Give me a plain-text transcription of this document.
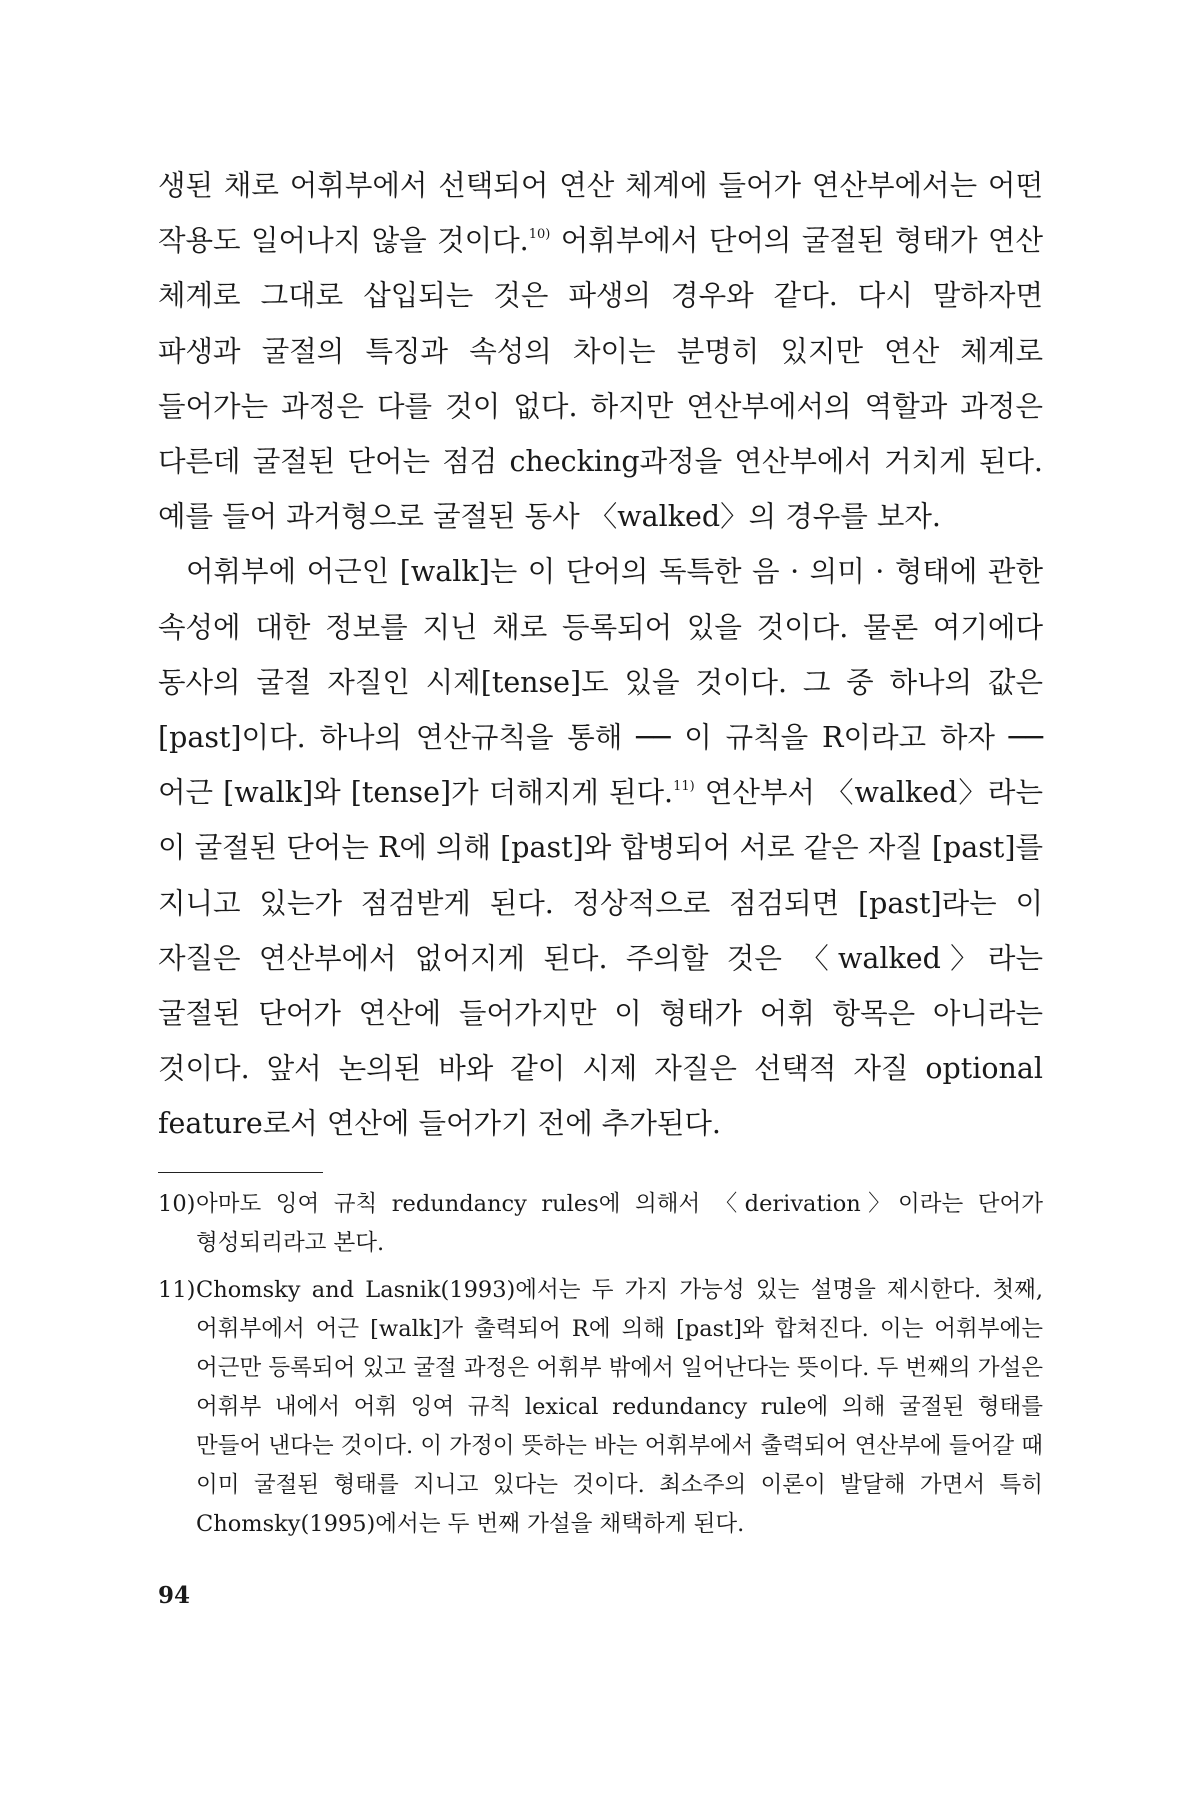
생된 채로 어휘부에서 선택되어 연산 체계에 들어가 연산부에서는 어떤 작용도 일어나지 않을 것이다.$^{10)}$ 어휘부에서 단어의 굴절된 형태가 연산 체계로 그대로 삽입되는 것은 파생의 경우와 같다. 다시 말하자면 파생과 굴절의 특징과 속성의 차이는 분명히 있지만 연산 체계로 들어가는 과정은 다를 것이 없다. 하지만 연산부에서의 역할과 과정은 다른데 굴절된 단어는 점검 checking과정을 연산부에서 거치게 된다. 예를 들어 과거형으로 굴절된 동사 〈walked〉의 경우를 보자.

어휘부에 어근인 [walk]는 이 단어의 독특한 음 · 의미 · 형태에 관한 속성에 대한 정보를 지닌 채로 등록되어 있을 것이다. 물론 여기에다 동사의 굴절 자질인 시제[tense]도 있을 것이다. 그 중 하나의 값은 [past]이다. 하나의 연산규칙을 통해 ── 이 규칙을 R이라고 하자 ── 어근 [walk]와 [tense]가 더해지게 된다.$^{11)}$ 연산부서 〈walked〉라는 이 굴절된 단어는 R에 의해 [past]와 합병되어 서로 같은 자질 [past]를 지니고 있는가 점검받게 된다. 정상적으로 점검되면 [past]라는 이 자질은 연산부에서 없어지게 된다. 주의할 것은 〈walked〉라는 굴절된 단어가 연산에 들어가지만 이 형태가 어휘 항목은 아니라는 것이다. 앞서 논의된 바와 같이 시제 자질은 선택적 자질 optional feature로서 연산에 들어가기 전에 추가된다.

10)아마도 잉여 규칙 redundancy rules에 의해서 〈derivation〉이라는 단어가 형성되리라고 본다.

11)Chomsky and Lasnik(1993)에서는 두 가지 가능성 있는 설명을 제시한다. 첫째, 어휘부에서 어근 [walk]가 출력되어 R에 의해 [past]와 합쳐진다. 이는 어휘부에는 어근만 등록되어 있고 굴절 과정은 어휘부 밖에서 일어난다는 뜻이다. 두 번째의 가설은 어휘부 내에서 어휘 잉여 규칙 lexical redundancy rule에 의해 굴절된 형태를 만들어 낸다는 것이다. 이 가정이 뜻하는 바는 어휘부에서 출력되어 연산부에 들어갈 때 이미 굴절된 형태를 지니고 있다는 것이다. 최소주의 이론이 발달해 가면서 특히 Chomsky(1995)에서는 두 번째 가설을 채택하게 된다.

94
